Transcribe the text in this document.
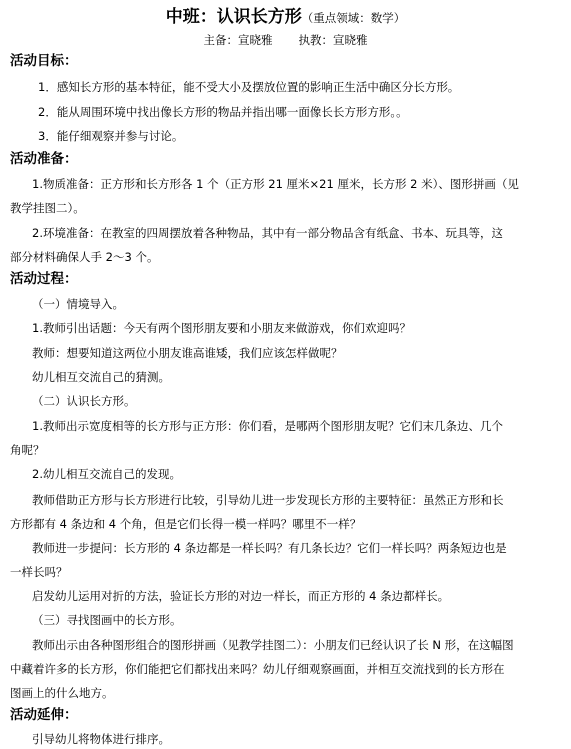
中班：认识长方形（重点领域：数学）
主备：宣晓雅 执教：宣晓雅
活动目标：
1．感知长方形的基本特征，能不受大小及摆放位置的影响正生活中确区分长方形。
2．能从周围环境中找出像长方形的物品并指出哪一面像长长方形方形。。
3．能仔细观察并参与讨论。
活动准备：
1.物质准备：正方形和长方形各 1 个（正方形 21 厘米×21 厘米，长方形 2 米）、图形拼画（见
教学挂图二）。
2.环境准备：在教室的四周摆放着各种物品，其中有一部分物品含有纸盒、书本、玩具等，这
部分材料确保人手 2～3 个。
活动过程：
（一）情境导入。
1.教师引出话题：今天有两个图形朋友要和小朋友来做游戏，你们欢迎吗？
教师：想要知道这两位小朋友谁高谁矮，我们应该怎样做呢？
幼儿相互交流自己的猜测。
（二）认识长方形。
1.教师出示宽度相等的长方形与正方形：你们看，是哪两个图形朋友呢？它们末几条边、几个
角呢？
2.幼儿相互交流自己的发现。
教师借助正方形与长方形进行比较，引导幼儿进一步发现长方形的主要特征：虽然正方形和长
方形都有 4 条边和 4 个角，但是它们长得一模一样吗？哪里不一样？
教师进一步提问：长方形的 4 条边都是一样长吗？有几条长边？它们一样长吗？两条短边也是
一样长吗？
启发幼儿运用对折的方法，验证长方形的对边一样长，而正方形的 4 条边都样长。
（三）寻找图画中的长方形。
教师出示由各种图形组合的图形拼画（见教学挂图二）：小朋友们已经认识了长 N 形，在这幅图
中藏着许多的长方形，你们能把它们都找出来吗？幼儿仔细观察画面，并相互交流找到的长方形在
图画上的什么地方。
活动延伸：
引导幼儿将物体进行排序。
